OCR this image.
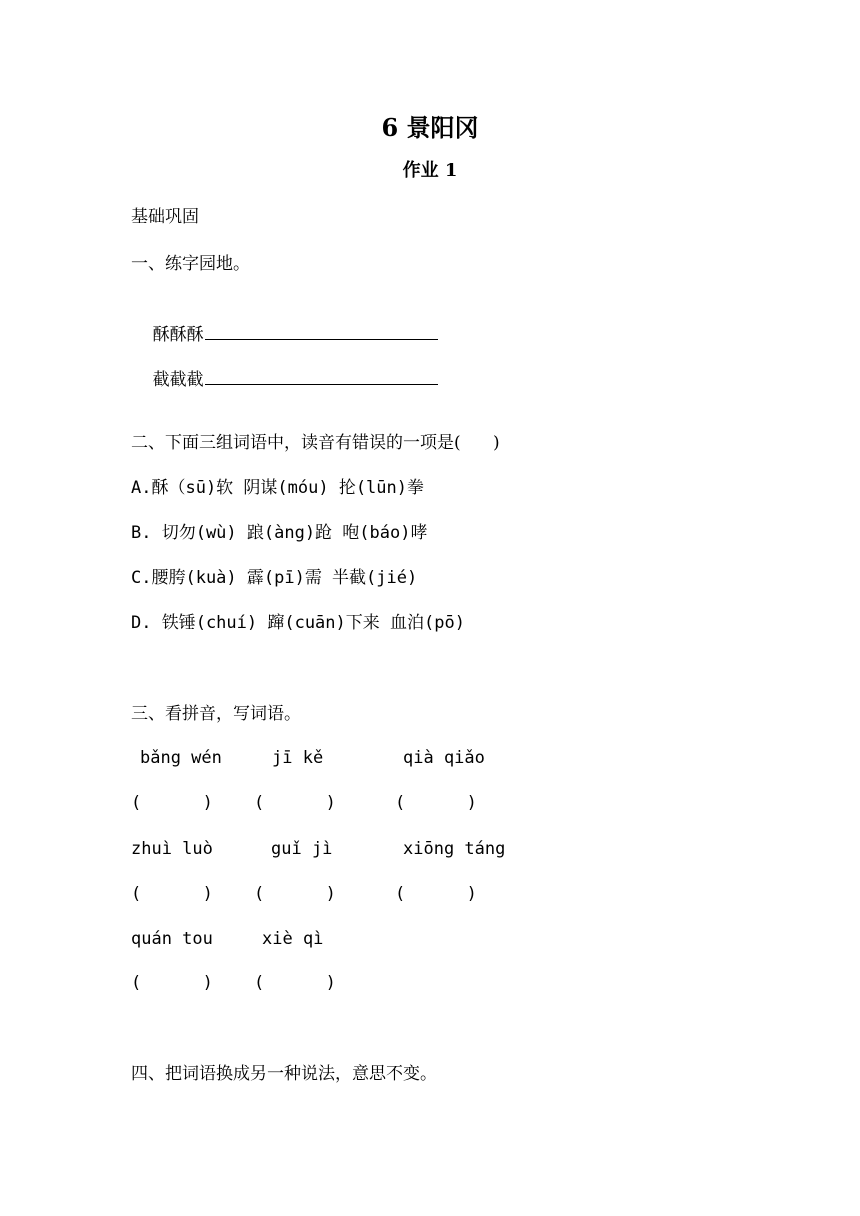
6 景阳冈
作业 1
基础巩固
一、练字园地。

酥酥酥

截截截

二、下面三组词语中，读音有错误的一项是(      )
A.酥（sū)软 阴谋(móu) 抡(lūn)拳
B. 切勿(wù) 踉(àng)跄 咆(báo)哮
C.腰胯(kuà) 霹(pī)需 半截(jié)
D. 铁锤(chuí) 蹿(cuān)下来 血泊(pō)
三、看拼音，写词语。
bǎng wén	jī kě	qià qiǎo
(      ) (      )	(      )
zhuì luò	guǐ jì	xiōng táng
(      ) (      )	(      )
quán tou	xiè qì
(      ) (      )
四、把词语换成另一种说法，意思不变。
